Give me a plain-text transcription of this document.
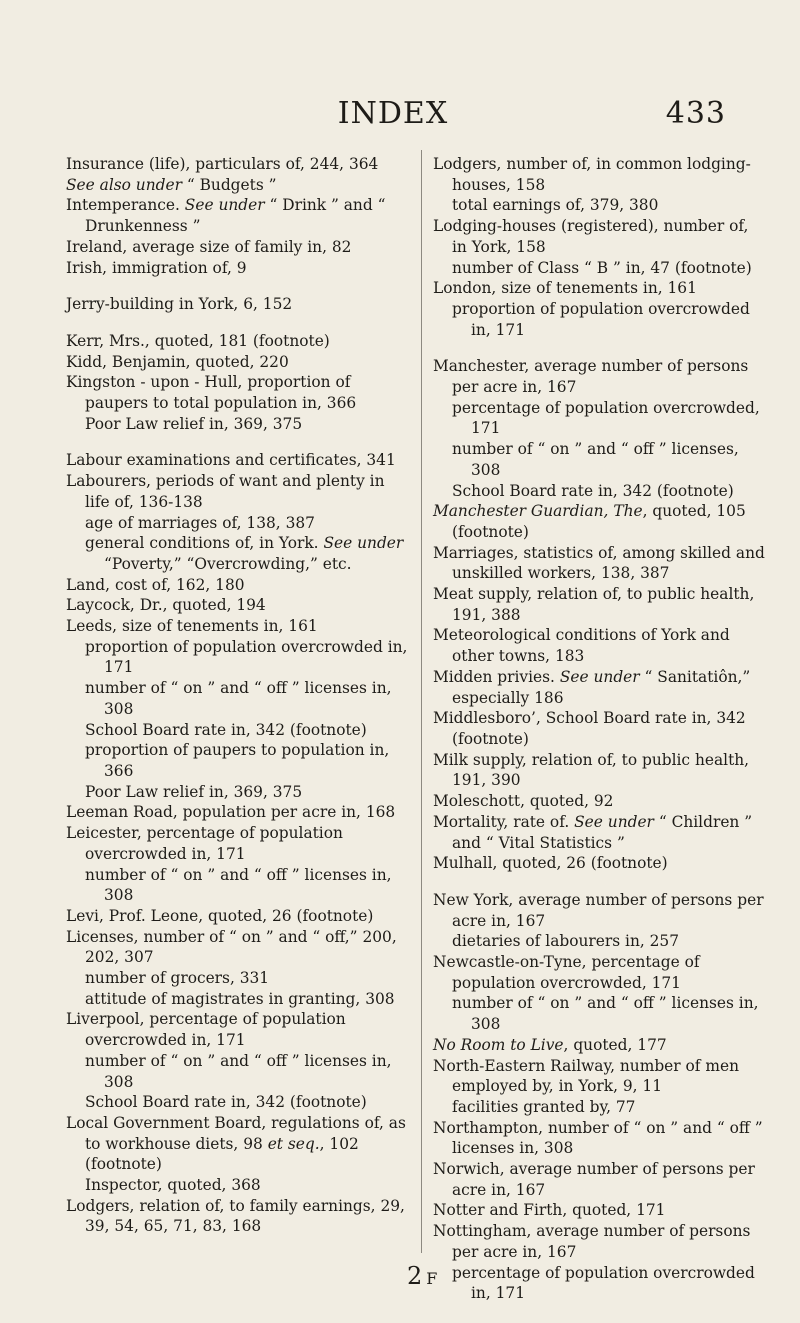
INDEX	433

Insurance (life), particulars of, 244, 364

See also under “ Budgets ”

Intemperance. See under “ Drink ” and “ Drunkenness ”

Ireland, average size of family in, 82

Irish, immigration of, 9

Jerry-building in York, 6, 152

Kerr, Mrs., quoted, 181 (footnote)

Kidd, Benjamin, quoted, 220

Kingston - upon - Hull, proportion of paupers to total population in, 366

Poor Law relief in, 369, 375

Labour examinations and certificates, 341

Labourers, periods of want and plenty in life of, 136-138

age of marriages of, 138, 387

general conditions of, in York. See under “Poverty,” “Overcrowding,” etc.

Land, cost of, 162, 180

Laycock, Dr., quoted, 194

Leeds, size of tenements in, 161

proportion of population overcrowded in, 171

number of “ on ” and “ off ” licenses in, 308

School Board rate in, 342 (footnote)

proportion of paupers to population in, 366

Poor Law relief in, 369, 375

Leeman Road, population per acre in, 168

Leicester, percentage of population overcrowded in, 171

number of “ on ” and “ off ” licenses in, 308

Levi, Prof. Leone, quoted, 26 (footnote)

Licenses, number of “ on ” and “ off,” 200, 202, 307

number of grocers, 331

attitude of magistrates in granting, 308

Liverpool, percentage of population overcrowded in, 171

number of “ on ” and “ off ” licenses in, 308

School Board rate in, 342 (footnote)

Local Government Board, regulations of, as to workhouse diets, 98 et seq., 102 (footnote)

Inspector, quoted, 368

Lodgers, relation of, to family earnings, 29, 39, 54, 65, 71, 83, 168

Lodgers, number of, in common lodging-houses, 158

total earnings of, 379, 380

Lodging-houses (registered), number of, in York, 158

number of Class “ B ” in, 47 (footnote)

London, size of tenements in, 161

proportion of population overcrowded in, 171

Manchester, average number of persons per acre in, 167

percentage of population overcrowded, 171

number of “ on ” and “ off ” licenses, 308

School Board rate in, 342 (footnote)

Manchester Guardian, The, quoted, 105 (footnote)

Marriages, statistics of, among skilled and unskilled workers, 138, 387

Meat supply, relation of, to public health, 191, 388

Meteorological conditions of York and other towns, 183

Midden privies. See under “ Sanitatiôn,” especially 186

Middlesboro’, School Board rate in, 342 (footnote)

Milk supply, relation of, to public health, 191, 390

Moleschott, quoted, 92

Mortality, rate of. See under “ Children ” and “ Vital Statistics ”

Mulhall, quoted, 26 (footnote)

New York, average number of persons per acre in, 167

dietaries of labourers in, 257

Newcastle-on-Tyne, percentage of population overcrowded, 171

number of “ on ” and “ off ” licenses in, 308

No Room to Live, quoted, 177

North-Eastern Railway, number of men employed by, in York, 9, 11

facilities granted by, 77

Northampton, number of “ on ” and “ off ” licenses in, 308

Norwich, average number of persons per acre in, 167

Notter and Firth, quoted, 171

Nottingham, average number of persons per acre in, 167

percentage of population overcrowded in, 171

2 F
